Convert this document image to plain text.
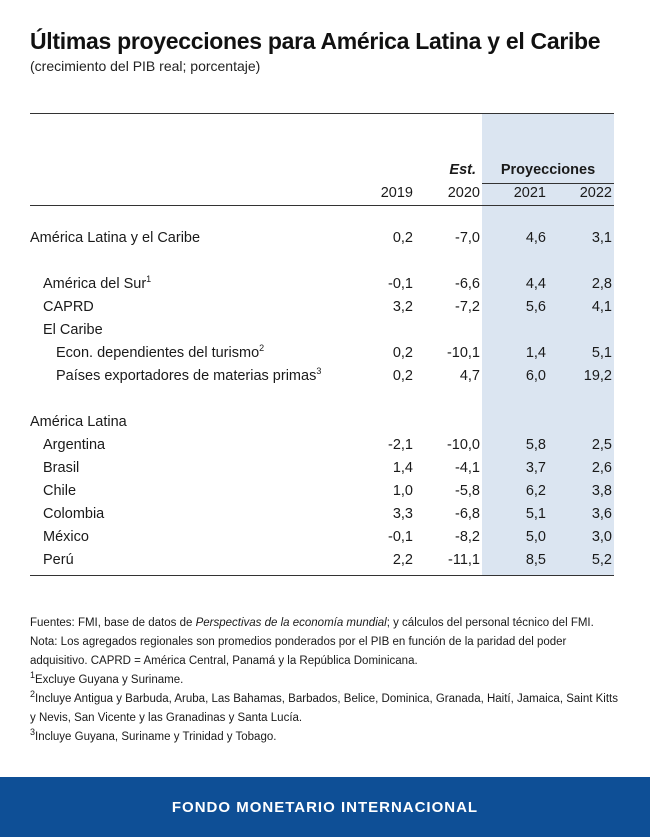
Últimas proyecciones para América Latina y el Caribe
(crecimiento del PIB real; porcentaje)
Est.	Proyecciones
2019	2020	2021	2022
América Latina y el Caribe	0,2	-7,0	4,6	3,1
América del Sur$^1$	-0,1	-6,6	4,4	2,8
CAPRD	3,2	-7,2	5,6	4,1
El Caribe
Econ. dependientes del turismo$^2$	0,2	-10,1	1,4	5,1
Países exportadores de materias primas$^3$	0,2	4,7	6,0	19,2
América Latina
Argentina	-2,1	-10,0	5,8	2,5
Brasil	1,4	-4,1	3,7	2,6
Chile	1,0	-5,8	6,2	3,8
Colombia	3,3	-6,8	5,1	3,6
México	-0,1	-8,2	5,0	3,0
Perú	2,2	-11,1	8,5	5,2

Fuentes: FMI, base de datos de Perspectivas de la economía mundial; y cálculos del personal técnico del FMI.

Nota: Los agregados regionales son promedios ponderados por el PIB en función de la paridad del poder adquisitivo. CAPRD = América Central, Panamá y la República Dominicana.

$^1$Excluye Guyana y Suriname.

$^2$Incluye Antigua y Barbuda, Aruba, Las Bahamas, Barbados, Belice, Dominica, Granada, Haití, Jamaica, Saint Kitts y Nevis, San Vicente y las Granadinas y Santa Lucía.

$^3$Incluye Guyana, Suriname y Trinidad y Tobago.

FONDO MONETARIO INTERNACIONAL
